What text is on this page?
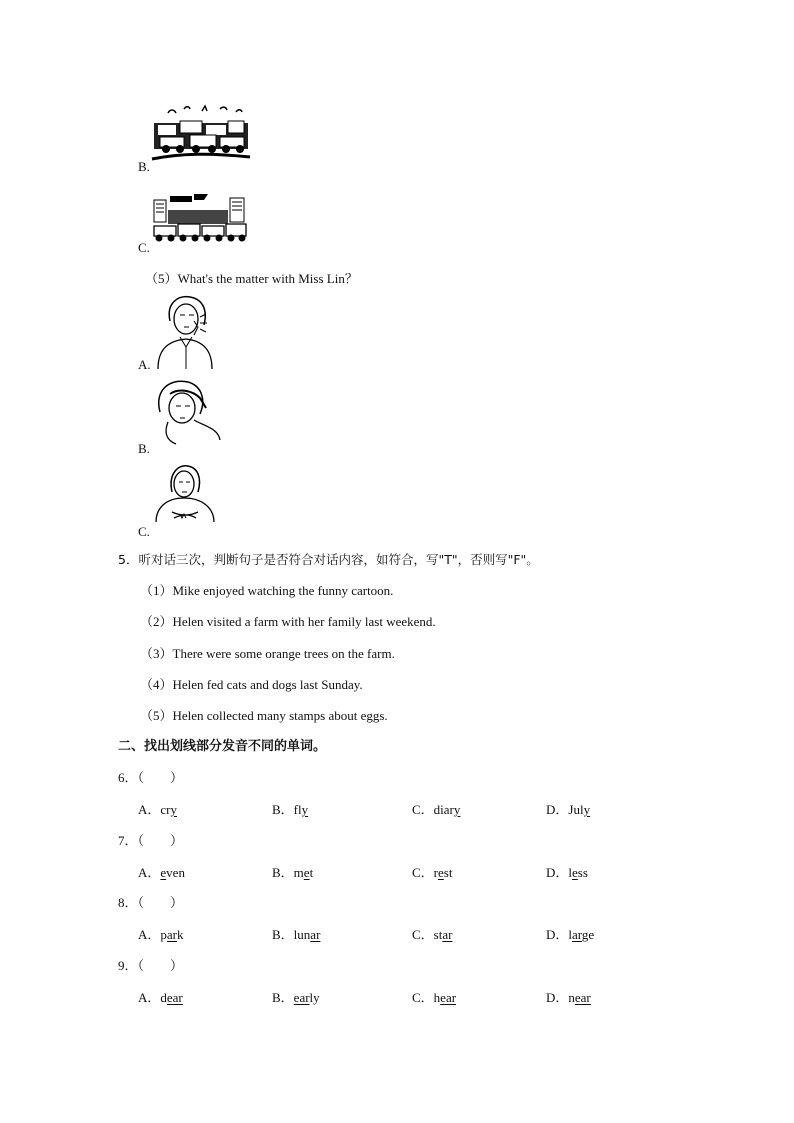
B.
C.
（5）What's the matter with Miss Lin？
A.
B.
C.
5．听对话三次，判断句子是否符合对话内容，如符合，写"T"，否则写"F"。
（1）Mike enjoyed watching the funny cartoon.
（2）Helen visited a farm with her family last weekend.
（3）There were some orange trees on the farm.
（4）Helen fed cats and dogs last Sunday.
（5）Helen collected many stamps about eggs.
二、找出划线部分发音不同的单词。
6．（　　）
A．cry	B．fly	C．diary	D．July
7．（　　）
A．even	B．met	C．rest	D．less
8．（　　）
A．park	B．lunar	C．star	D．large
9．（　　）
A．dear	B．early	C．hear	D．near
